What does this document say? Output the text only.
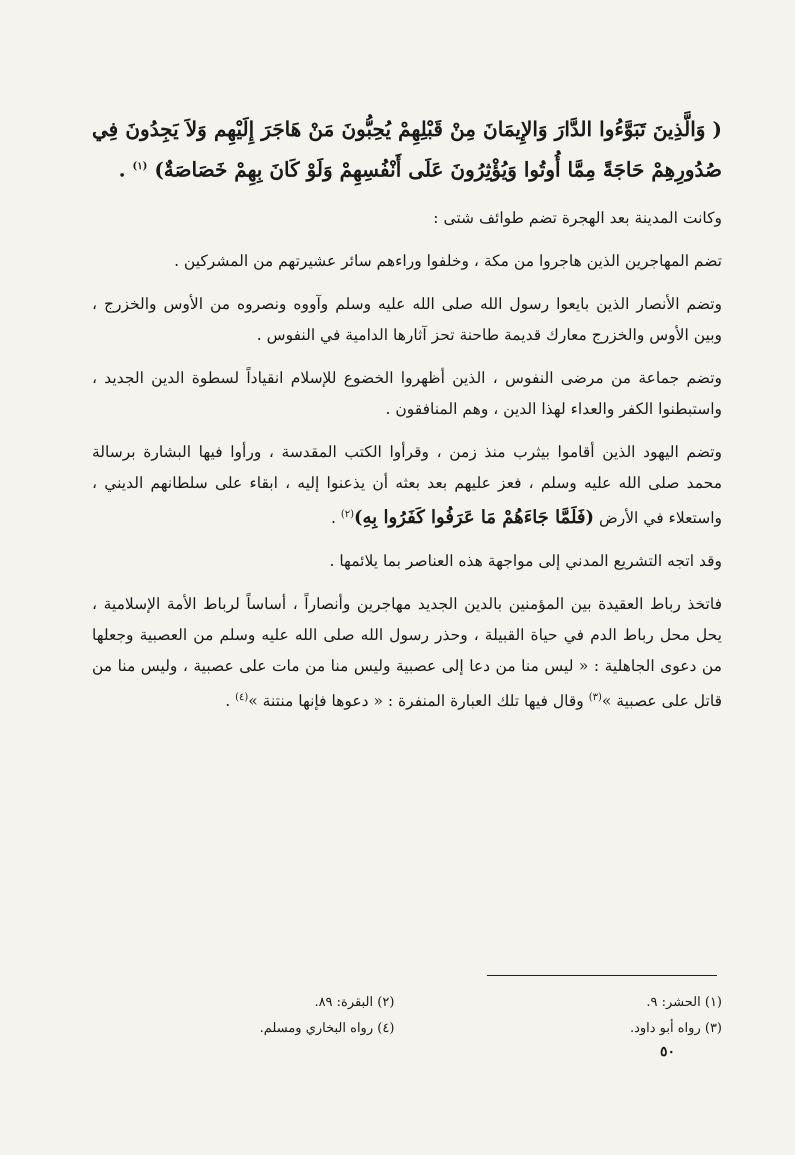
( وَالَّذِينَ تَبَوَّءُوا الدَّارَ وَالإِيمَانَ مِنْ قَبْلِهِمْ يُحِبُّونَ مَنْ هَاجَرَ إِلَيْهِم وَلاَ يَجِدُونَ فِي صُدُورِهِمْ حَاجَةً مِمَّا أُوتُوا وَيُؤْثِرُونَ عَلَى أَنْفُسِهِمْ وَلَوْ كَانَ بِهِمْ خَصَاصَةٌ) $^{(١)}$ .

وكانت المدينة بعد الهجرة تضم طوائف شتى :

تضم المهاجرين الذين هاجروا من مكة ، وخلفوا وراءهم سائر عشيرتهم من المشركين .

وتضم الأنصار الذين بايعوا رسول الله صلى الله عليه وسلم وآووه ونصروه من الأوس والخزرج ، وبين الأوس والخزرج معارك قديمة طاحنة تحز آثارها الدامية في النفوس .

وتضم جماعة من مرضى النفوس ، الذين أظهروا الخضوع للإسلام انقياداً لسطوة الدين الجديد ، واستبطنوا الكفر والعداء لهذا الدين ، وهم المنافقون .

وتضم اليهود الذين أقاموا بيثرب منذ زمن ، وقرأوا الكتب المقدسة ، ورأوا فيها البشارة برسالة محمد صلى الله عليه وسلم ، فعز عليهم بعد بعثه أن يذعنوا إليه ، ابقاء على سلطانهم الديني ، واستعلاء في الأرض (فَلَمَّا جَاءَهُمْ مَا عَرَفُوا كَفَرُوا بِهِ)$^{(٢)}$ .

وقد اتجه التشريع المدني إلى مواجهة هذه العناصر بما يلائمها .

فاتخذ رباط العقيدة بين المؤمنين بالدين الجديد مهاجرين وأنصاراً ، أساساً لرباط الأمة الإسلامية ، يحل محل رباط الدم في حياة القبيلة ، وحذر رسول الله صلى الله عليه وسلم من العصبية وجعلها من دعوى الجاهلية : « ليس منا من دعا إلى عصبية وليس منا من مات على عصبية ، وليس منا من قاتل على عصبية »$^{(٣)}$ وقال فيها تلك العبارة المنفرة : « دعوها فإنها منتنة »$^{(٤)}$ .

(١) الحشر: ٩.
(٢) البقرة: ٨٩.
(٣) رواه أبو داود.
(٤) رواه البخاري ومسلم.
٥٠
